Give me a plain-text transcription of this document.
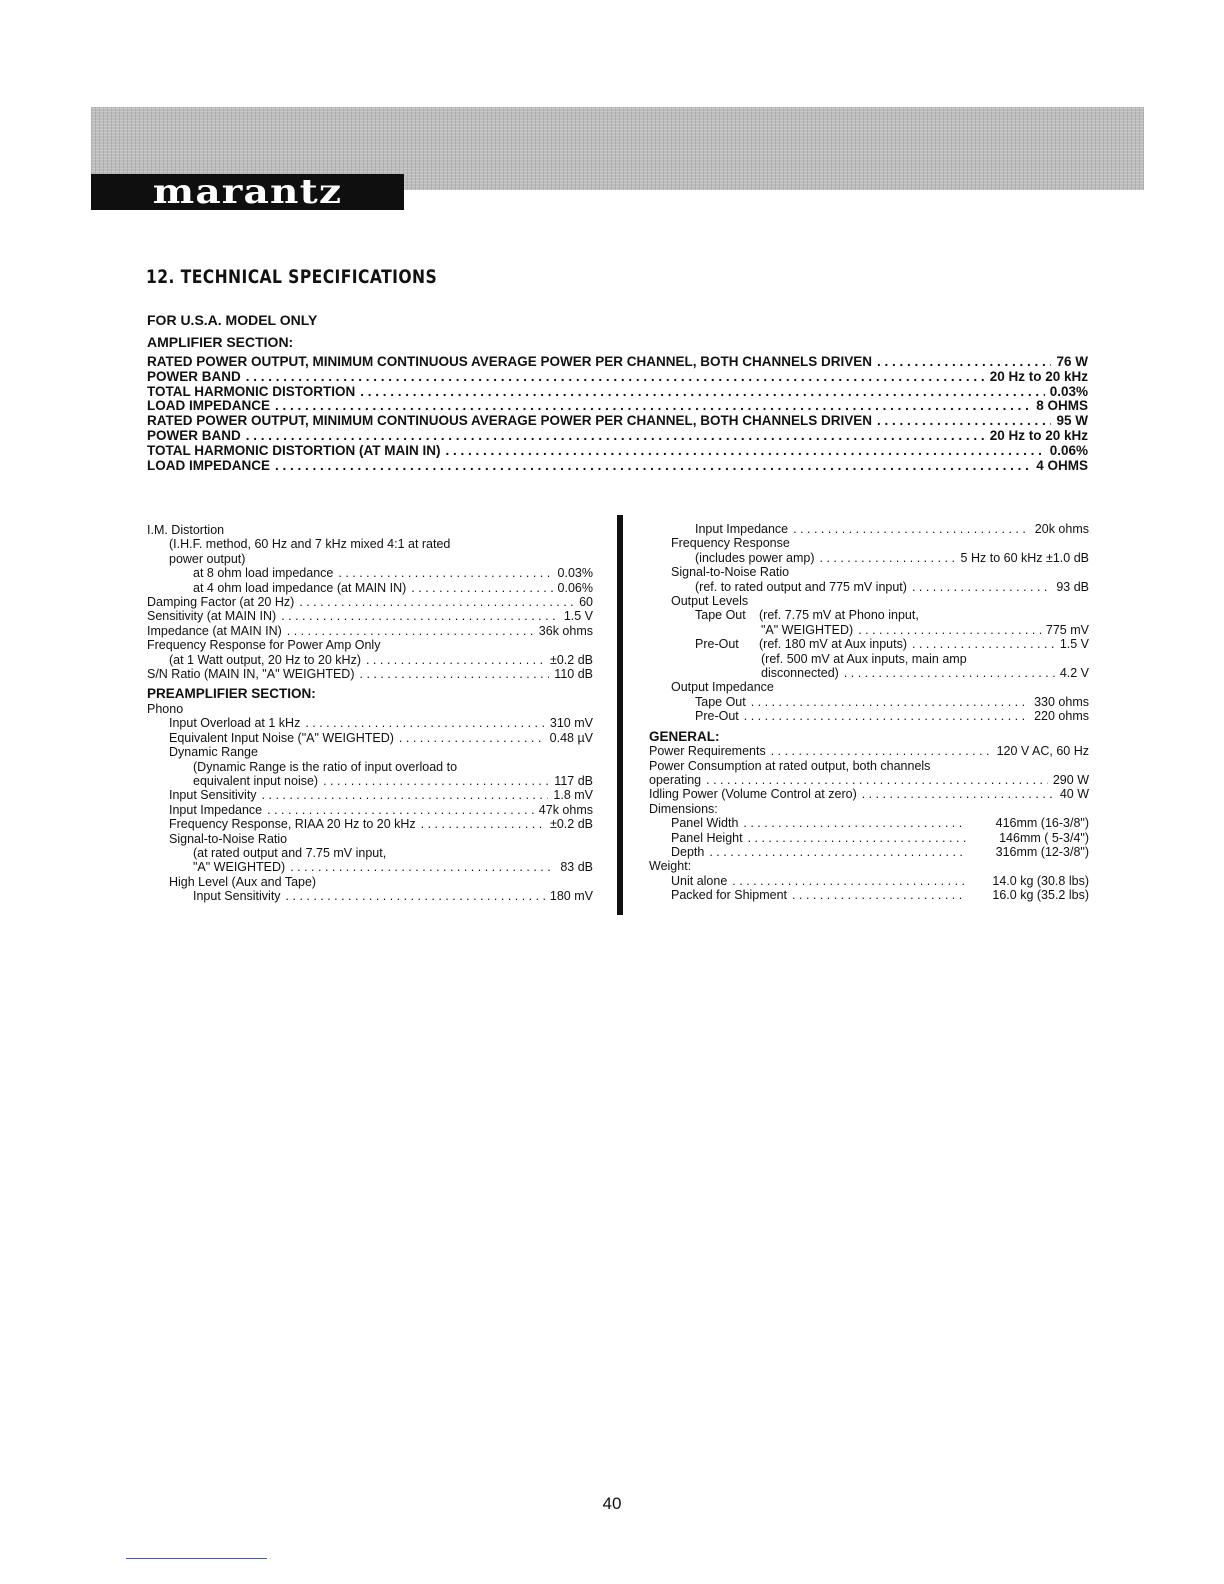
marantz
12. TECHNICAL SPECIFICATIONS
FOR U.S.A. MODEL ONLY
AMPLIFIER SECTION:
RATED POWER OUTPUT, MINIMUM CONTINUOUS AVERAGE POWER PER CHANNEL, BOTH CHANNELS DRIVEN . . .	76 W
POWER BAND . . .	20 Hz to 20 kHz
TOTAL HARMONIC DISTORTION . . .	0.03%
LOAD IMPEDANCE . . .	8 OHMS
RATED POWER OUTPUT, MINIMUM CONTINUOUS AVERAGE POWER PER CHANNEL, BOTH CHANNELS DRIVEN . . .	95 W
POWER BAND . . .	20 Hz to 20 kHz
TOTAL HARMONIC DISTORTION (AT MAIN IN) . . .	0.06%
LOAD IMPEDANCE . . .	4 OHMS
I.M. Distortion
(I.H.F. method, 60 Hz and 7 kHz mixed 4:1 at rated
power output)
at 8 ohm load impedance . . .	0.03%
at 4 ohm load impedance (at MAIN IN) . . .	0.06%
Damping Factor (at 20 Hz) . . .	60
Sensitivity (at MAIN IN) . . .	1.5 V
Impedance (at MAIN IN) . . .	36k ohms
Frequency Response for Power Amp Only
(at 1 Watt output, 20 Hz to 20 kHz) . . .	±0.2 dB
S/N Ratio (MAIN IN, "A" WEIGHTED) . . .	110 dB
PREAMPLIFIER SECTION:
Phono
Input Overload at 1 kHz . . .	310 mV
Equivalent Input Noise ("A" WEIGHTED) . . .	0.48 µV
Dynamic Range
(Dynamic Range is the ratio of input overload to
equivalent input noise) . . .	117 dB
Input Sensitivity . . .	1.8 mV
Input Impedance . . .	47k ohms
Frequency Response, RIAA 20 Hz to 20 kHz . . .	±0.2 dB
Signal-to-Noise Ratio
(at rated output and 7.75 mV input,
"A" WEIGHTED) . . .	83 dB
High Level (Aux and Tape)
Input Sensitivity . . .	180 mV
Input Impedance . . .	20k ohms
Frequency Response
(includes power amp) . . .	5 Hz to 60 kHz ±1.0 dB
Signal-to-Noise Ratio
(ref. to rated output and 775 mV input) . . .	93 dB
Output Levels
Tape Out (ref. 7.75 mV at Phono input,
"A" WEIGHTED) . . .	775 mV
Pre-Out (ref. 180 mV at Aux inputs) . . .	1.5 V
(ref. 500 mV at Aux inputs, main amp
disconnected) . . .	4.2 V
Output Impedance
Tape Out . . .	330 ohms
Pre-Out . . .	220 ohms
GENERAL:
Power Requirements . . .	120 V AC, 60 Hz
Power Consumption at rated output, both channels
operating . . .	290 W
Idling Power (Volume Control at zero) . . .	40 W
Dimensions:
Panel Width . . .	416mm (16-3/8")
Panel Height . . .	146mm ( 5-3/4")
Depth . . .	316mm (12-3/8")
Weight:
Unit alone . . .	14.0 kg (30.8 lbs)
Packed for Shipment . . .	16.0 kg (35.2 lbs)
40
